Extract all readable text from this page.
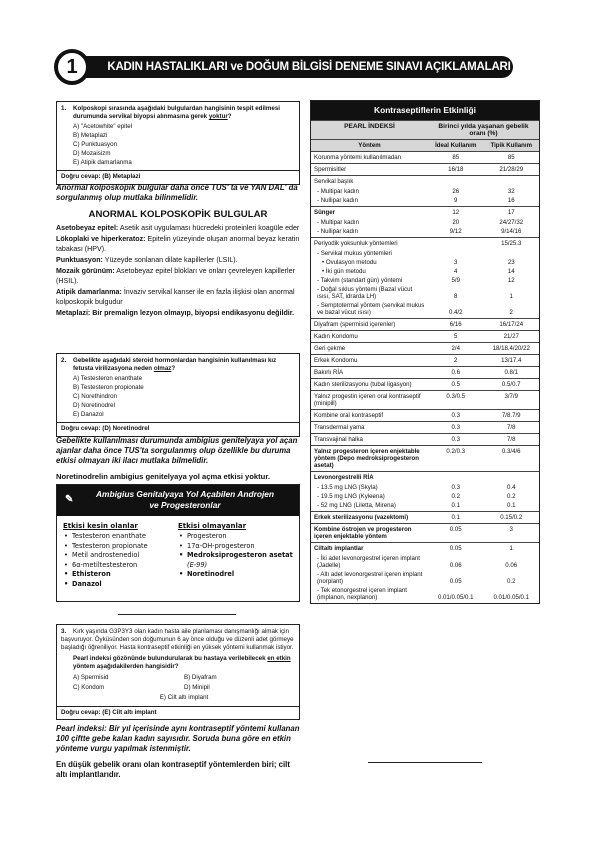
1	KADIN HASTALIKLARI ve DOĞUM BİLGİSİ DENEME SINAVI AÇIKLAMALARI
1. Kolposkopi sırasında aşağıdaki bulgulardan hangisinin tespit edilmesi durumunda servikal biyopsi alınmasına gerek yoktur?
A) "Acetowhite" epitel
B) Metaplazi
C) Punktuasyon
D) Mozaisizm
E) Atipik damarlanma
Doğru cevap: (B) Metaplazi
Anormal kolposkopik bulgular daha önce TUS' ta ve YAN DAL' da sorgulanmış olup mutlaka bilinmelidir.
ANORMAL KOLPOSKOPİK BULGULAR

Asetobeyaz epitel: Asetik asit uygulaması hücredeki proteinleri koagüle eder

Lökoplaki ve hiperkeratoz: Epitelin yüzeyinde oluşan anormal beyaz keratin tabakası (HPV).

Punktuasyon: Yüzeyde sonlanan dilate kapillerler (LSIL).

Mozaik görünüm: Asetobeyaz epitel blokları ve onları çevreleyen kapillerler (HSIL).

Atipik damarlanma: İnvaziv servikal kanser ile en fazla ilişkisi olan anormal kolposkopik bulgudur

Metaplazi: Bir premalign lezyon olmayıp, biyopsi endikasyonu değildir.

2. Gebelikte aşağıdaki steroid hormonlardan hangisinin kullanılması kız fetusta virilizasyona neden olmaz?
A) Testesteron enanthate
B) Testesteron propionate
C) Norethindron
D) Noretinodrel
E) Danazol
Doğru cevap: (D) Noretinodrel
Gebelikte kullanılması durumunda ambigius genitelyaya yol açan ajanlar daha önce TUS'ta sorgulanmış olup özellikle bu duruma etkisi olmayan iki ilacı mutlaka bilmelidir.
Noretinodrelin ambigius genitelyaya yol açma etkisi yoktur.
✎	Ambigius Genitalyaya Yol Açabilen Androjen
ve Progesteronlar
Etkisi kesin olanlar
• Testesteron enanthate
• Testesteron propionate
• Metil androstenediol
• 6α-metiltestesteron
• Ethisteron
• Danazol
Etkisi olmayanlar
• Progesteron
• 17α-OH-progesteron
• Medroksiprogesteron asetat (E-99)
• Noretinodrel
3. Kırk yaşında G3P3Y3 olan kadın hasta aile planlaması danışmanlığı almak için başvuruyor. Öyküsünden son doğumunun 6 ay önce olduğu ve düzenli adet görmeye başladığı öğreniliyor. Hasta kontraseptif etkinliği en yüksek yöntemi kullanmak istiyor.
Pearl indeksi gözönünde bulundurularak bu hastaya verilebilecek en etkin yöntem aşağıdakilerden hangisidir?
A) Spermisid	B) Diyafram
C) Kondom	D) Minipil
E) Cilt altı implant
Doğru cevap: (E) Cilt altı implant
Pearl indeksi: Bir yıl içerisinde aynı kontraseptif yöntemi kullanan 100 çiftte gebe kalan kadın sayısıdır. Soruda buna göre en etkin yönteme vurgu yapılmak istenmiştir.
En düşük gebelik oranı olan kontraseptif yöntemlerden biri; cilt altı implantlarıdır.
Kontraseptiflerin Etkinliği
PEARL İNDEKSİ	Birinci yılda yaşanan gebelik oranı (%)
Yöntem	İdeal Kullanım	Tipik Kullanım
Korunma yöntemi kullanılmadan	85	85
Spermisitler	16/18	21/28/29
Servikal başlık
- Multipar kadın	26	32
- Nullipar kadın	9	16
Sünger	12	17
- Multipar kadın	20	24/27/32
- Nullipar kadın	9/12	9/14/16
Periyodik yoksunluk yöntemleri	15/25.3
- Servikal mukus yöntemleri
• Ovulasyon metodu	3	23
• İki gün metodu	4	14
- Takvim (standart gün) yöntemi	5/9	12
- Doğal sıklus yöntemi (Bazal vücut ısısı, SAT, idrarda LH)	8	1
- Semptotermal yöntem (servikal mukus ve bazal vücut ısısı)	0.4/2	2
Diyafram (spermisid içerenler)	6/16	16/17/24
Kadın Kondomu	5	21/27
Geri çekme	2/4	18/18.4/20/22
Erkek Kondomu	2	13/17.4
Bakırlı RİA	0.6	0.8/1
Kadın sterilizasyonu (tubal ligasyon)	0.5	0.5/0.7
Yalnız progestin içeren oral kontraseptif (minipill)
0.3/0.5	3/7/9
Kombine oral kontraseptif	0.3	7/8.7/9
Transdermal yama	0.3	7/8
Transvajinal halka	0.3	7/8
Yalnız progesteron içeren enjektable yöntem (Depo medroksiprogesteron asetat)
0.2/0.3	0.3/4/6
Levonorgestrelli RİA
- 13.5 mg LNG (Skyla)	0.3	0.4
- 19.5 mg LNG (Kyleena)	0.2	0.2
- 52 mg LNG (Liletta, Mirena)	0.1	0.1
Erkek sterilizasyonu (vazektomi)	0.1	0.15/0.2
Kombine östrojen ve progesteron içeren enjektable yöntem
0.05	3
Ciltaltı implantlar	0.05	1
- İki adet levonorgestrel içeren implant (Jadelle)	0.06	0.06
- Altı adet levonorgestrel içeren implant (norplant)	0.05	0.2
- Tek etonorgestrel içeren implant (implanon, nexplanon)	0.01/0.05/0.1	0.01/0.05/0.1
